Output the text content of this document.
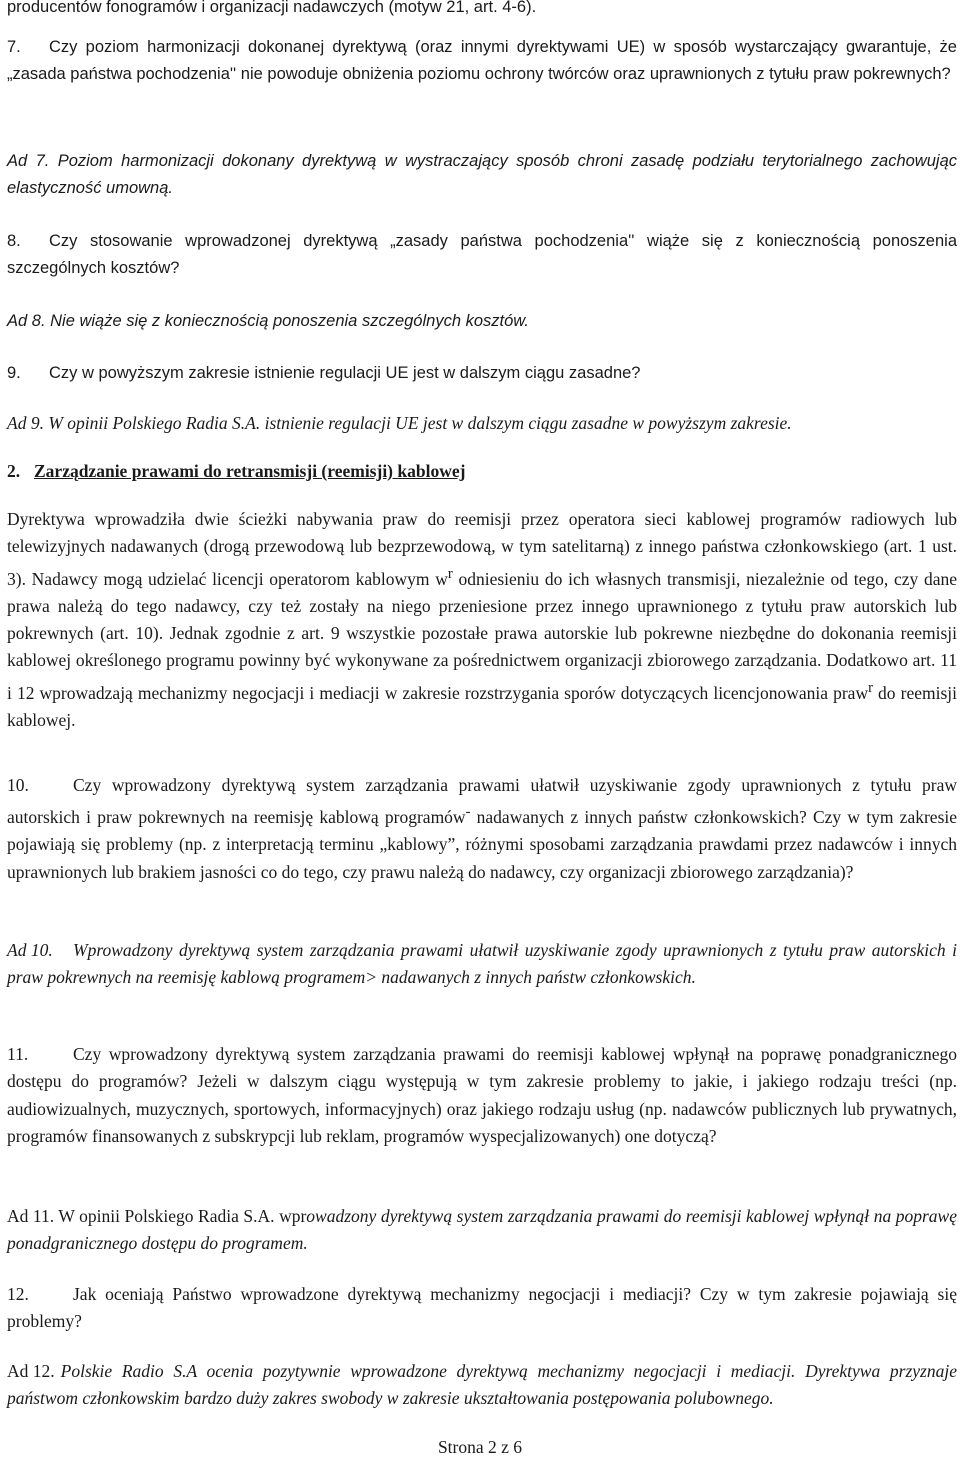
producentów fonogramów i organizacji nadawczych (motyw 21, art. 4-6).

7. Czy poziom harmonizacji dokonanej dyrektywą (oraz innymi dyrektywami UE) w sposób wystarczający gwarantuje, że „zasada państwa pochodzenia'' nie powoduje obniżenia poziomu ochrony twórców oraz uprawnionych z tytułu praw pokrewnych?

Ad 7. Poziom harmonizacji dokonany dyrektywą w wystraczający sposób chroni zasadę podziału terytorialnego zachowując elastyczność umowną.

8. Czy stosowanie wprowadzonej dyrektywą „zasady państwa pochodzenia'' wiąże się z koniecznością ponoszenia szczególnych kosztów?

Ad 8. Nie wiąże się z koniecznością ponoszenia szczególnych kosztów.

9. Czy w powyższym zakresie istnienie regulacji UE jest w dalszym ciągu zasadne?

Ad 9. W opinii Polskiego Radia S.A. istnienie regulacji UE jest w dalszym ciągu zasadne w powyższym zakresie.

2. Zarządzanie prawami do retransmisji (reemisji) kablowej

Dyrektywa wprowadziła dwie ścieżki nabywania praw do reemisji przez operatora sieci kablowej programów radiowych lub telewizyjnych nadawanych (drogą przewodową lub bezprzewodową, w tym satelitarną) z innego państwa członkowskiego (art. 1 ust. 3). Nadawcy mogą udzielać licencji operatorom kablowym $w^r$ odniesieniu do ich własnych transmisji, niezależnie od tego, czy dane prawa należą do tego nadawcy, czy też zostały na niego przeniesione przez innego uprawnionego z tytułu praw autorskich lub pokrewnych (art. 10). Jednak zgodnie z art. 9 wszystkie pozostałe prawa autorskie lub pokrewne niezbędne do dokonania reemisji kablowej określonego programu powinny być wykonywane za pośrednictwem organizacji zbiorowego zarządzania. Dodatkowo art. 11 i 12 wprowadzają mechanizmy negocjacji i mediacji w zakresie rozstrzygania sporów dotyczących licencjonowania praw$^r$ do reemisji kablowej.

10.	Czy wprowadzony dyrektywą system zarządzania prawami ułatwił uzyskiwanie zgody uprawnionych z tytułu praw autorskich i praw pokrewnych na reemisję kablową programów- nadawanych z innych państw członkowskich? Czy w tym zakresie pojawiają się problemy (np. z interpretacją terminu „kablowy”, różnymi sposobami zarządzania prawdami przez nadawców i innych uprawnionych lub brakiem jasności co do tego, czy prawu należą do nadawcy, czy organizacji zbiorowego zarządzania)?

Ad 10. Wprowadzony dyrektywą system zarządzania prawami ułatwił uzyskiwanie zgody uprawnionych z tytułu praw autorskich i praw pokrewnych na reemisję kablową programem> nadawanych z innych państw członkowskich.

11.	Czy wprowadzony dyrektywą system zarządzania prawami do reemisji kablowej wpłynął na poprawę ponadgranicznego dostępu do programów? Jeżeli w dalszym ciągu występują w tym zakresie problemy to jakie, i jakiego rodzaju treści (np. audiowizualnych, muzycznych, sportowych, informacyjnych) oraz jakiego rodzaju usług (np. nadawców publicznych lub prywatnych, programów finansowanych z subskrypcji lub reklam, programów wyspecjalizowanych) one dotyczą?

Ad 11. W opinii Polskiego Radia S.A. wprowadzony dyrektywą system zarządzania prawami do reemisji kablowej wpłynął na poprawę ponadgranicznego dostępu do programem.

12.	Jak oceniają Państwo wprowadzone dyrektywą mechanizmy negocjacji i mediacji? Czy w tym zakresie pojawiają się problemy?

Ad 12. Polskie Radio S.A ocenia pozytywnie wprowadzone dyrektywą mechanizmy negocjacji i mediacji. Dyrektywa przyznaje państwom członkowskim bardzo duży zakres swobody w zakresie ukształtowania postępowania polubownego.

Strona 2 z 6
